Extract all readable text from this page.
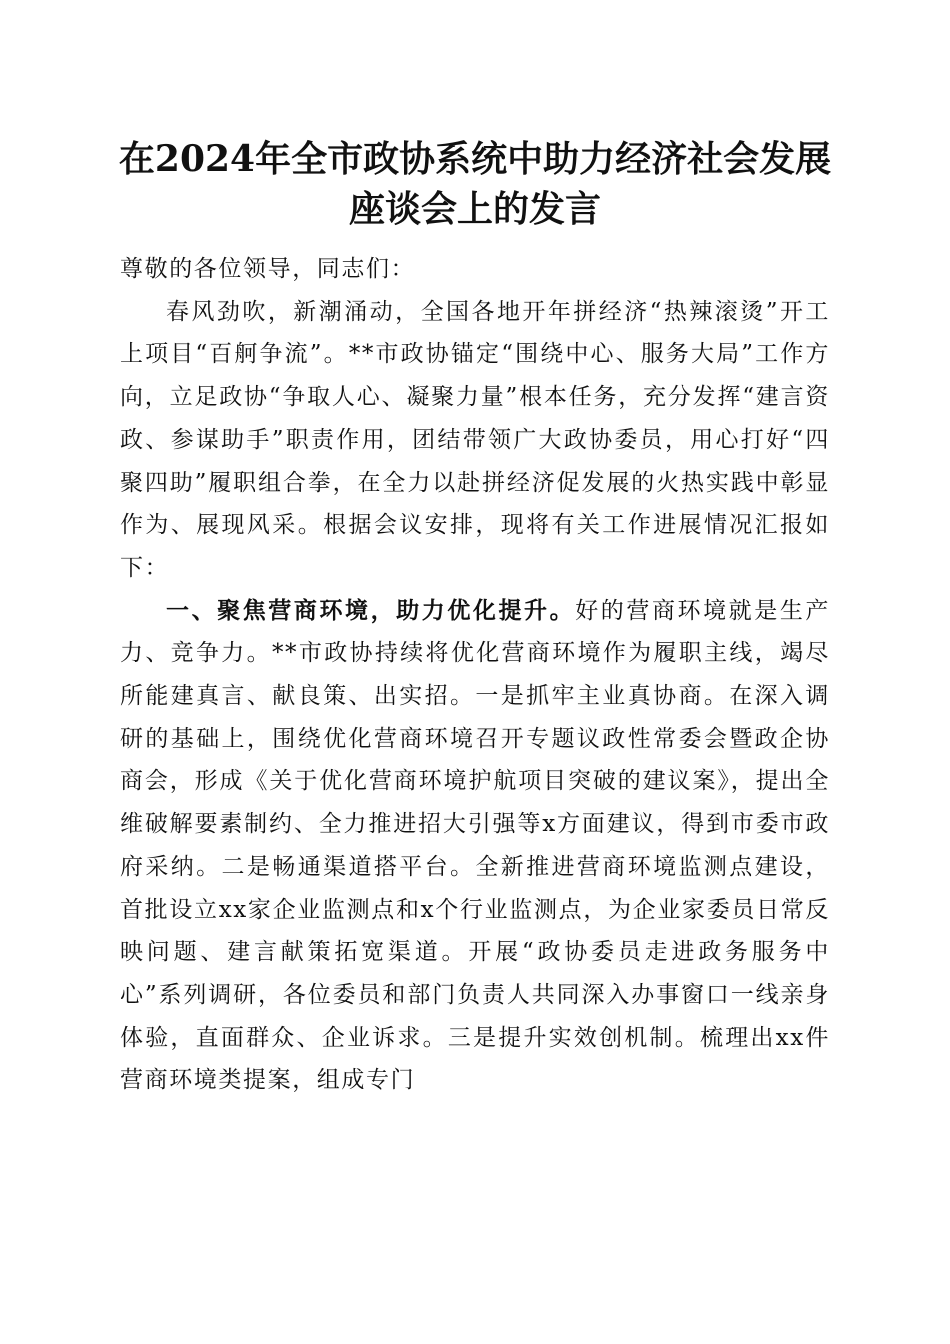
在2024年全市政协系统中助力经济社会发展
座谈会上的发言

尊敬的各位领导，同志们：

春风劲吹，新潮涌动，全国各地开年拼经济“热辣滚烫”开工上项目“百舸争流”。**市政协锚定“围绕中心、服务大局”工作方向，立足政协“争取人心、凝聚力量”根本任务，充分发挥“建言资政、参谋助手”职责作用，团结带领广大政协委员，用心打好“四聚四助”履职组合拳，在全力以赴拼经济促发展的火热实践中彰显作为、展现风采。根据会议安排，现将有关工作进展情况汇报如下：

一、聚焦营商环境，助力优化提升。好的营商环境就是生产力、竞争力。**市政协持续将优化营商环境作为履职主线，竭尽所能建真言、献良策、出实招。一是抓牢主业真协商。在深入调研的基础上，围绕优化营商环境召开专题议政性常委会暨政企协商会，形成《关于优化营商环境护航项目突破的建议案》，提出全维破解要素制约、全力推进招大引强等x方面建议，得到市委市政府采纳。二是畅通渠道搭平台。全新推进营商环境监测点建设，首批设立xx家企业监测点和x个行业监测点，为企业家委员日常反映问题、建言献策拓宽渠道。开展“政协委员走进政务服务中心”系列调研，各位委员和部门负责人共同深入办事窗口一线亲身体验，直面群众、企业诉求。三是提升实效创机制。梳理出xx件营商环境类提案，组成专门
